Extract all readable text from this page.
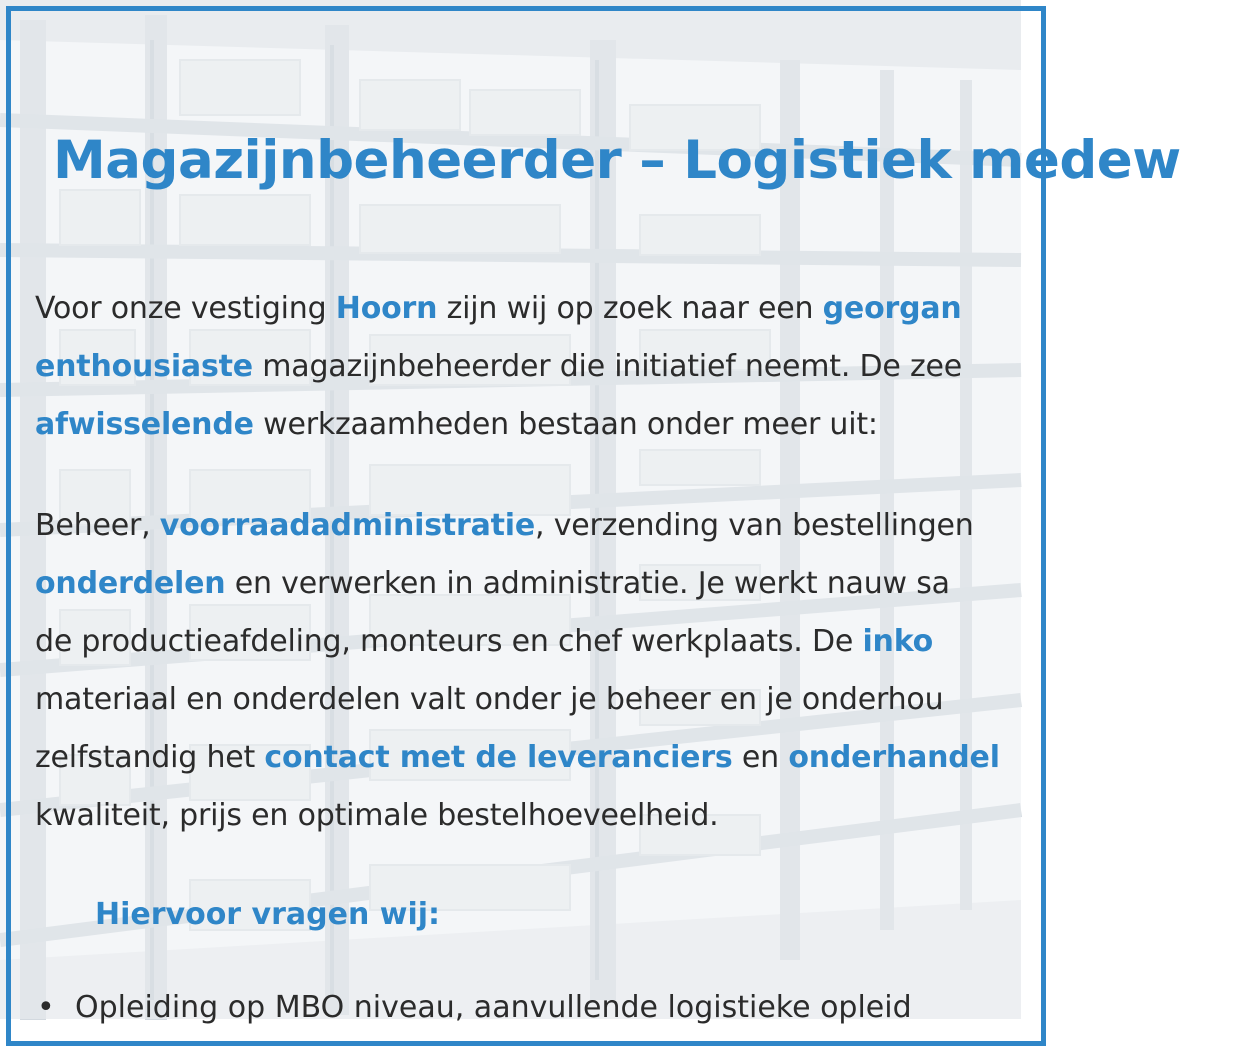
Magazijnbeheerder – Logistiek medew

Voor onze vestiging Hoorn zijn wij op zoek naar een georgan
enthousiaste magazijnbeheerder die initiatief neemt. De zee
afwisselende werkzaamheden bestaan onder meer uit:

Beheer, voorraadadministratie, verzending van bestellingen
onderdelen en verwerken in administratie. Je werkt nauw sa
de productieafdeling, monteurs en chef werkplaats. De inko
materiaal en onderdelen valt onder je beheer en je onderhou
zelfstandig het contact met de leveranciers en onderhandel
kwaliteit, prijs en optimale bestelhoeveelheid.

Hiervoor vragen wij:
• Opleiding op MBO niveau, aanvullende logistieke opleid
